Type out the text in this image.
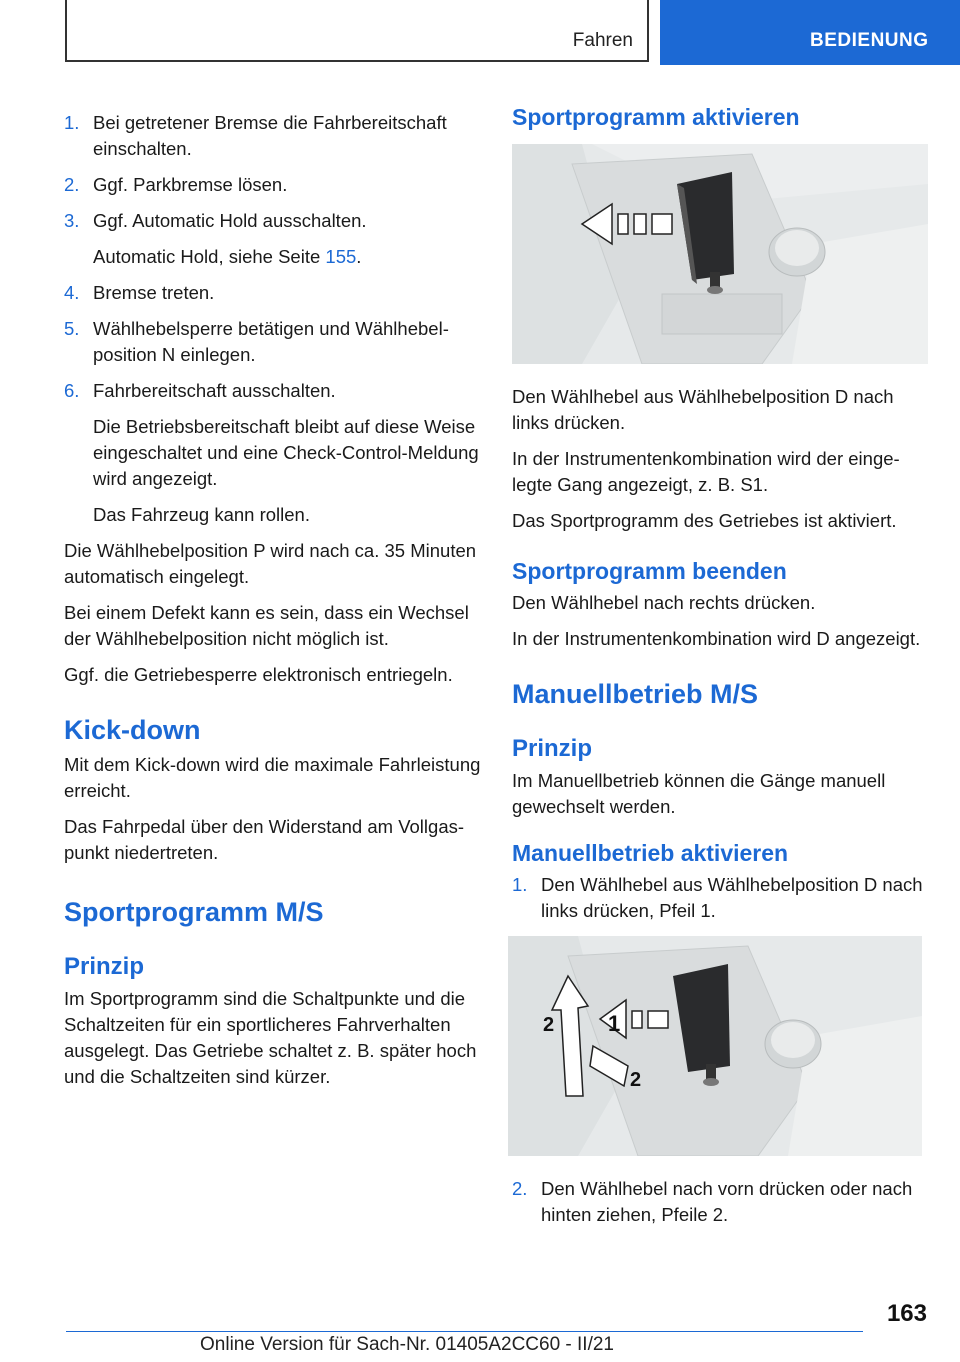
Fahren	BEDIENUNG
1. Bei getretener Bremse die Fahrbereitschaft einschalten.

2. Ggf. Parkbremse lösen.

3. Ggf. Automatic Hold ausschalten.

Automatic Hold, siehe Seite 155.

4. Bremse treten.

5. Wählhebelsperre betätigen und Wählhebelposition N einlegen.

6. Fahrbereitschaft ausschalten.

Die Betriebsbereitschaft bleibt auf diese Weise eingeschaltet und eine Check-Control-Meldung wird angezeigt.

Das Fahrzeug kann rollen.

Die Wählhebelposition P wird nach ca. 35 Minuten automatisch eingelegt.

Bei einem Defekt kann es sein, dass ein Wechsel der Wählhebelposition nicht möglich ist.

Ggf. die Getriebesperre elektronisch entriegeln.

Kick-down

Mit dem Kick-down wird die maximale Fahrleistung erreicht.

Das Fahrpedal über den Widerstand am Vollgaspunkt niedertreten.

Sportprogramm M/S
Prinzip

Im Sportprogramm sind die Schaltpunkte und die Schaltzeiten für ein sportlicheres Fahrverhalten ausgelegt. Das Getriebe schaltet z. B. später hoch und die Schaltzeiten sind kürzer.

Sportprogramm aktivieren

Den Wählhebel aus Wählhebelposition D nach links drücken.

In der Instrumentenkombination wird der eingelegte Gang angezeigt, z. B. S1.

Das Sportprogramm des Getriebes ist aktiviert.

Sportprogramm beenden

Den Wählhebel nach rechts drücken.

In der Instrumentenkombination wird D angezeigt.

Manuellbetrieb M/S
Prinzip

Im Manuellbetrieb können die Gänge manuell gewechselt werden.

Manuellbetrieb aktivieren
1. Den Wählhebel aus Wählhebelposition D nach links drücken, Pfeil 1.

1
2
2
2. Den Wählhebel nach vorn drücken oder nach hinten ziehen, Pfeile 2.

163
Online Version für Sach-Nr. 01405A2CC60 - II/21
